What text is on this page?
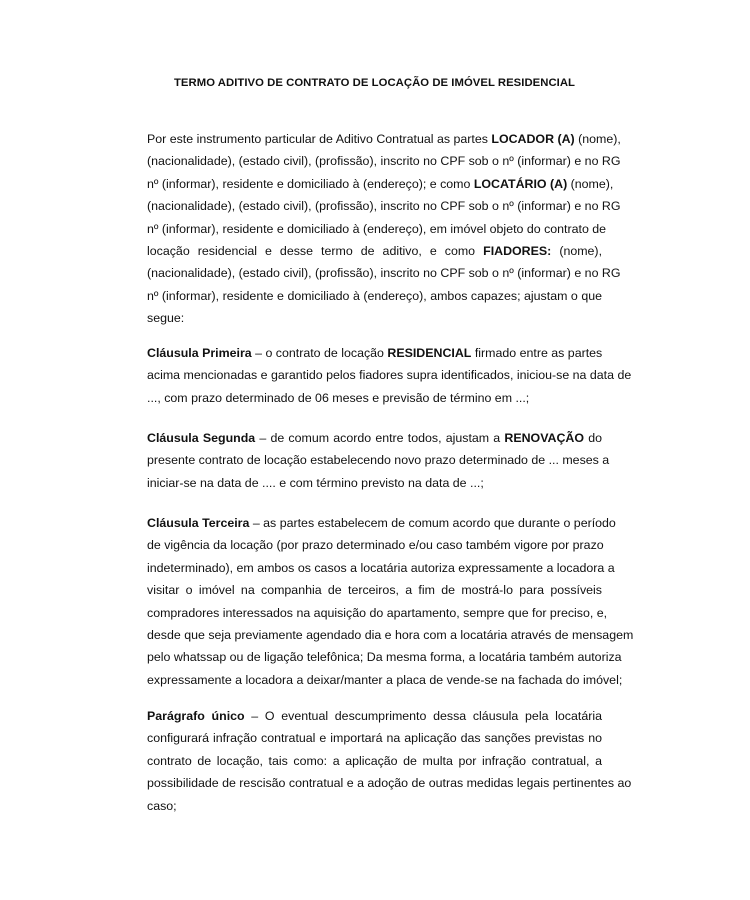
TERMO ADITIVO DE CONTRATO DE LOCAÇÃO DE IMÓVEL RESIDENCIAL
Por este instrumento particular de Aditivo Contratual as partes LOCADOR (A) (nome),
(nacionalidade), (estado civil), (profissão), inscrito no CPF sob o nº (informar) e no RG
nº (informar), residente e domiciliado à (endereço); e como LOCATÁRIO (A) (nome),
(nacionalidade), (estado civil), (profissão), inscrito no CPF sob o nº (informar) e no RG
nº (informar), residente e domiciliado à (endereço), em imóvel objeto do contrato de
locação residencial e desse termo de aditivo, e como FIADORES: (nome),
(nacionalidade), (estado civil), (profissão), inscrito no CPF sob o nº (informar) e no RG
nº (informar), residente e domiciliado à (endereço), ambos capazes; ajustam o que
segue:
Cláusula Primeira – o contrato de locação RESIDENCIAL firmado entre as partes
acima mencionadas e garantido pelos fiadores supra identificados, iniciou-se na data de
..., com prazo determinado de 06 meses e previsão de término em ...;
Cláusula Segunda – de comum acordo entre todos, ajustam a RENOVAÇÃO do
presente contrato de locação estabelecendo novo prazo determinado de ... meses a
iniciar-se na data de .... e com término previsto na data de ...;
Cláusula Terceira – as partes estabelecem de comum acordo que durante o período
de vigência da locação (por prazo determinado e/ou caso também vigore por prazo
indeterminado), em ambos os casos a locatária autoriza expressamente a locadora a
visitar o imóvel na companhia de terceiros, a fim de mostrá-lo para possíveis
compradores interessados na aquisição do apartamento, sempre que for preciso, e,
desde que seja previamente agendado dia e hora com a locatária através de mensagem
pelo whatssap ou de ligação telefônica; Da mesma forma, a locatária também autoriza
expressamente a locadora a deixar/manter a placa de vende-se na fachada do imóvel;
Parágrafo único – O eventual descumprimento dessa cláusula pela locatária
configurará infração contratual e importará na aplicação das sanções previstas no
contrato de locação, tais como: a aplicação de multa por infração contratual, a
possibilidade de rescisão contratual e a adoção de outras medidas legais pertinentes ao
caso;
